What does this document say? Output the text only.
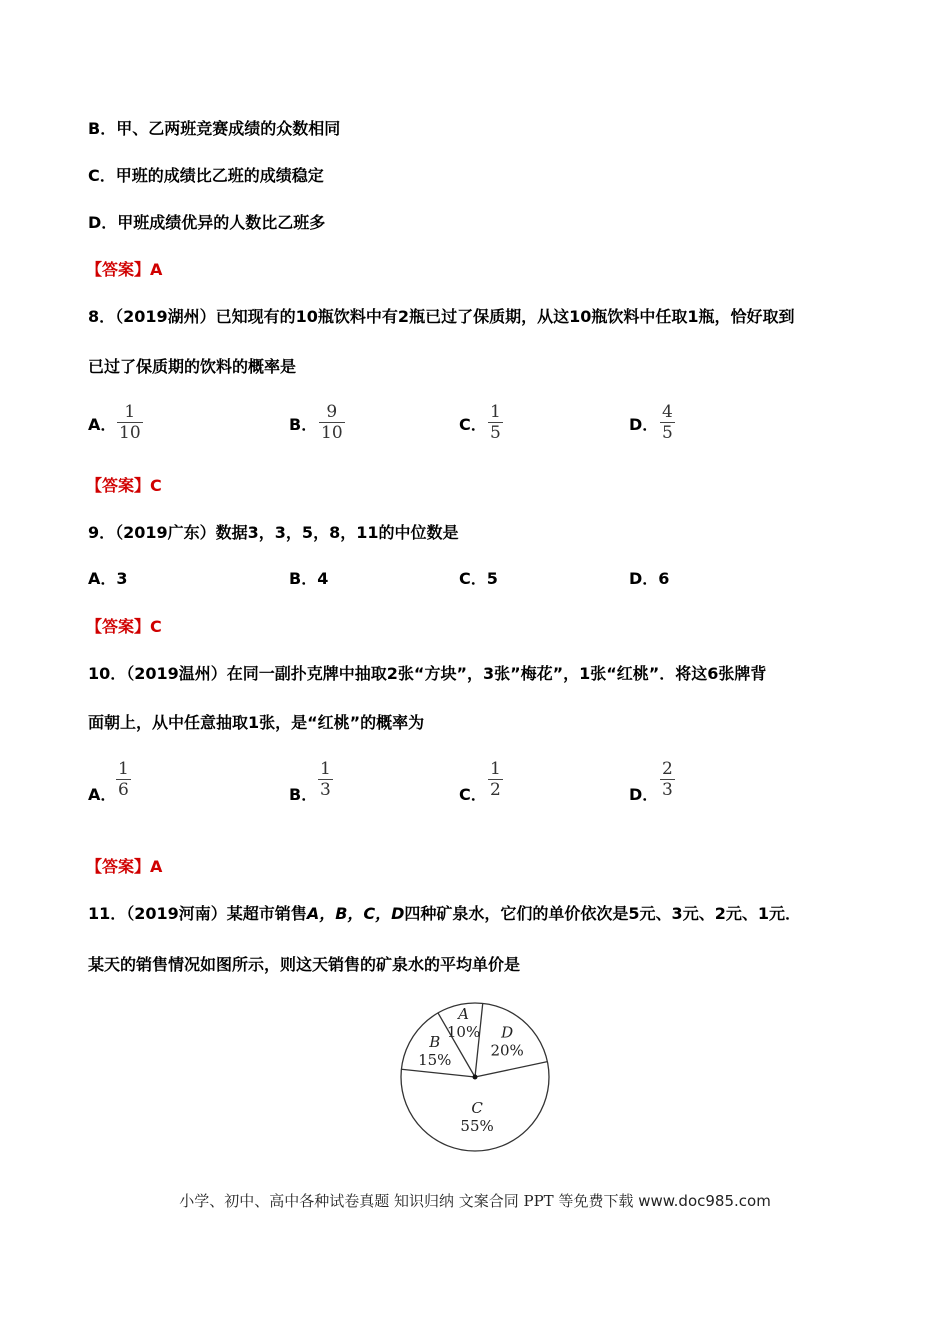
B．甲、乙两班竞赛成绩的众数相同
C．甲班的成绩比乙班的成绩稳定
D．甲班成绩优异的人数比乙班多
【答案】A
8．（2019湖州）已知现有的10瓶饮料中有2瓶已过了保质期，从这10瓶饮料中任取1瓶，恰好取到
已过了保质期的饮料的概率是
A．
1
10	B．
9
10	C．
1
5	D．
4
5
【答案】C
9．（2019广东）数据3，3，5，8，11的中位数是
A．3	B．4	C．5	D．6
【答案】C
10．（2019温州）在同一副扑克牌中抽取2张“方块”，3张”梅花”，1张“红桃”．将这6张牌背
面朝上，从中任意抽取1张，是“红桃”的概率为
A．
1
6	B．
1
3	C．
1
2	D．
2
3
【答案】A
11．（2019河南）某超市销售A，B，C，D四种矿泉水，它们的单价依次是5元、3元、2元、1元．
某天的销售情况如图所示，则这天销售的矿泉水的平均单价是
A
10% D
20%
C
55%
B
15%
小学、初中、高中各种试卷真题 知识归纳 文案合同 PPT 等免费下载 www.doc985.com
